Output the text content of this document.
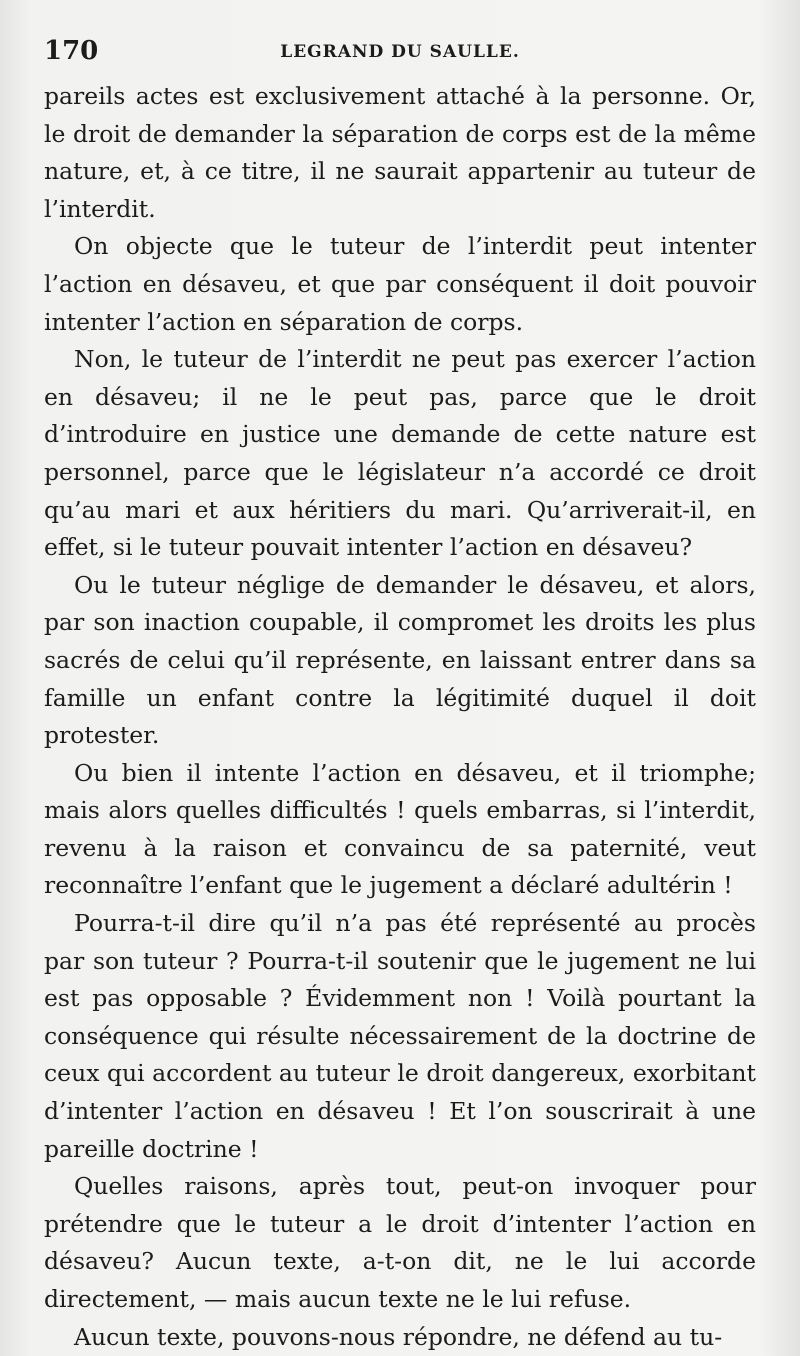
170	LEGRAND DU SAULLE.

pareils actes est exclusivement attaché à la personne. Or, le droit de demander la séparation de corps est de la même nature, et, à ce titre, il ne saurait appartenir au tuteur de l’interdit.

On objecte que le tuteur de l’interdit peut intenter l’action en désaveu, et que par conséquent il doit pouvoir intenter l’action en séparation de corps.

Non, le tuteur de l’interdit ne peut pas exercer l’action en désaveu; il ne le peut pas, parce que le droit d’introduire en justice une demande de cette nature est personnel, parce que le législateur n’a accordé ce droit qu’au mari et aux héritiers du mari. Qu’arriverait-il, en effet, si le tuteur pouvait intenter l’action en désaveu?

Ou le tuteur néglige de demander le désaveu, et alors, par son inaction coupable, il compromet les droits les plus sacrés de celui qu’il représente, en laissant entrer dans sa famille un enfant contre la légitimité duquel il doit protester.

Ou bien il intente l’action en désaveu, et il triomphe; mais alors quelles difficultés ! quels embarras, si l’interdit, revenu à la raison et convaincu de sa paternité, veut reconnaître l’enfant que le jugement a déclaré adultérin !

Pourra-t-il dire qu’il n’a pas été représenté au procès par son tuteur ? Pourra-t-il soutenir que le jugement ne lui est pas opposable ? Évidemment non ! Voilà pourtant la conséquence qui résulte nécessairement de la doctrine de ceux qui accordent au tuteur le droit dangereux, exorbitant d’intenter l’action en désaveu ! Et l’on souscrirait à une pareille doctrine !

Quelles raisons, après tout, peut-on invoquer pour prétendre que le tuteur a le droit d’intenter l’action en désaveu? Aucun texte, a-t-on dit, ne le lui accorde directement, — mais aucun texte ne le lui refuse.

Aucun texte, pouvons-nous répondre, ne défend au tu-
